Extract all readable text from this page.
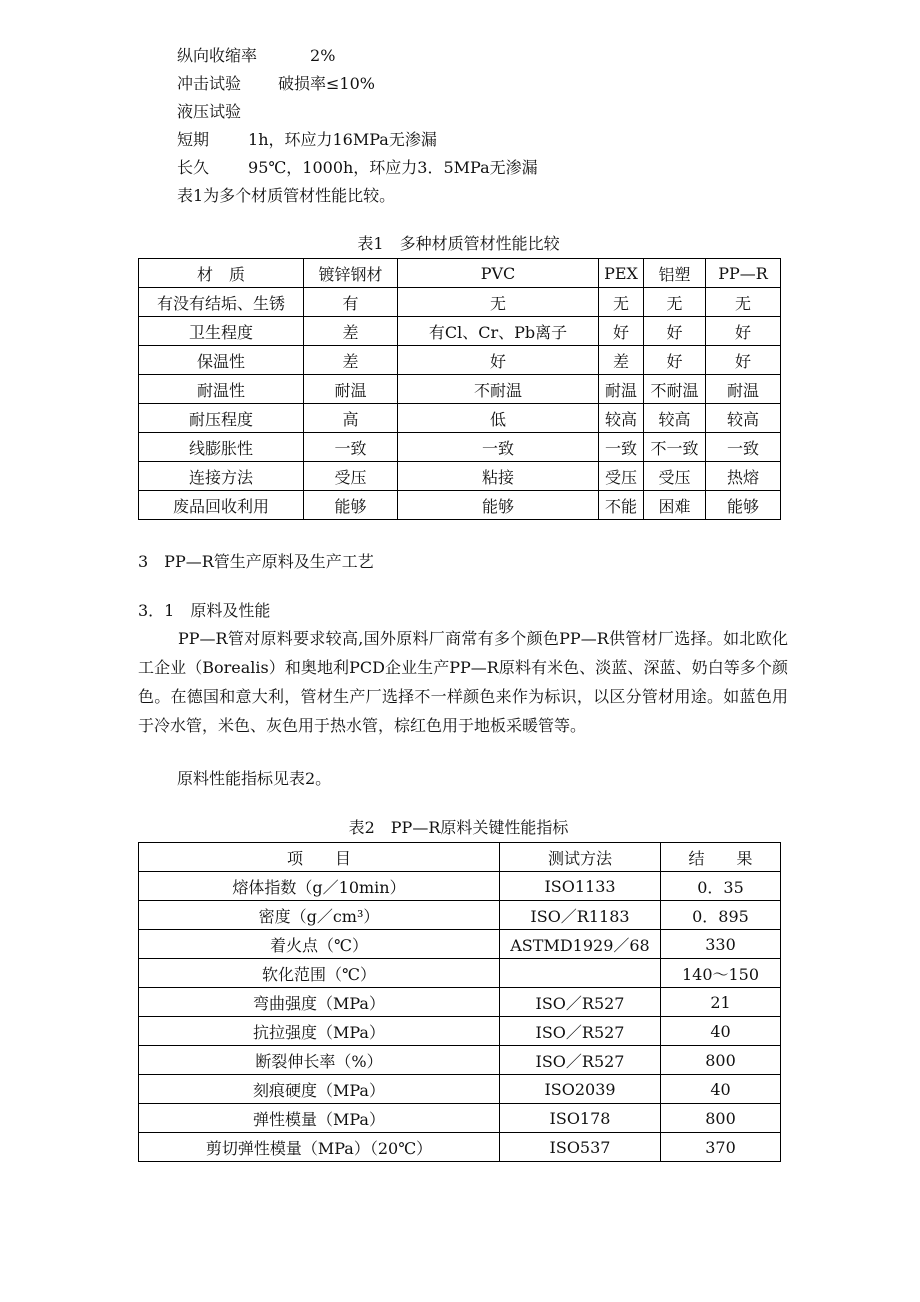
纵向收缩率	2%
冲击试验 破损率≤10%
液压试验
短期 1h，环应力16MPa无渗漏
长久 95℃，1000h，环应力3．5MPa无渗漏
表1为多个材质管材性能比较。
表1　多种材质管材性能比较
材　质	镀锌钢材	PVC	PEX	铝塑	PP—R
有没有结垢、生锈	有	无	无	无	无
卫生程度	差	有Cl、Cr、Pb离子	好	好	好
保温性	差	好	差	好	好
耐温性	耐温	不耐温	耐温	不耐温	耐温
耐压程度	高	低	较高	较高	较高
线膨胀性	一致	一致	一致	不一致	一致
连接方法	受压	粘接	受压	受压	热熔
废品回收利用	能够	能够	不能	困难	能够
3　PP—R管生产原料及生产工艺
3．1　原料及性能
PP—R管对原料要求较高,国外原料厂商常有多个颜色PP—R供管材厂选择。如北欧化工企业（Borealis）和奥地利PCD企业生产PP—R原料有米色、淡蓝、深蓝、奶白等多个颜色。在德国和意大利，管材生产厂选择不一样颜色来作为标识，以区分管材用途。如蓝色用于冷水管，米色、灰色用于热水管，棕红色用于地板采暖管等。
原料性能指标见表2。
表2　PP—R原料关键性能指标
项　　目	测试方法	结　　果
熔体指数（g／10min）	ISO1133	0．35
密度（g／cm³）	ISO／R1183	0．895
着火点（℃）	ASTMD1929／68	330
软化范围（℃）		140～150
弯曲强度（MPa）	ISO／R527	21
抗拉强度（MPa）	ISO／R527	40
断裂伸长率（%）	ISO／R527	800
刻痕硬度（MPa）	ISO2039	40
弹性模量（MPa）	ISO178	800
剪切弹性模量（MPa）（20℃）	ISO537	370
